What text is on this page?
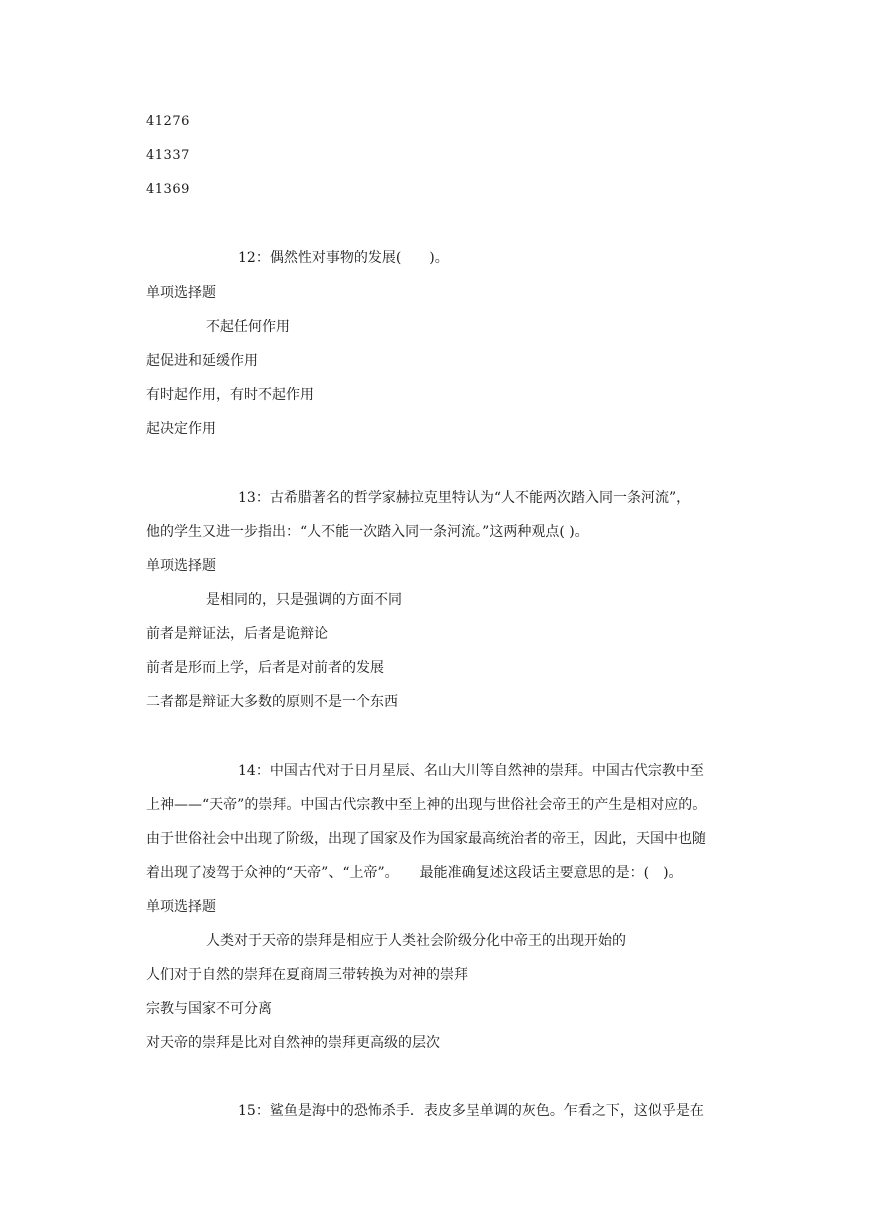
41276
41337
41369
12：偶然性对事物的发展(　　)。
单项选择题
不起任何作用
起促进和延缓作用
有时起作用，有时不起作用
起决定作用
13：古希腊著名的哲学家赫拉克里特认为“人不能两次踏入同一条河流”，
他的学生又进一步指出：“人不能一次踏入同一条河流。”这两种观点( )。
单项选择题
是相同的，只是强调的方面不同
前者是辩证法，后者是诡辩论
前者是形而上学，后者是对前者的发展
二者都是辩证大多数的原则不是一个东西
14：中国古代对于日月星辰、名山大川等自然神的崇拜。中国古代宗教中至
上神——“天帝”的崇拜。中国古代宗教中至上神的出现与世俗社会帝王的产生是相对应的。
由于世俗社会中出现了阶级，出现了国家及作为国家最高统治者的帝王，因此，天国中也随
着出现了凌驾于众神的“天帝”、“上帝”。　　最能准确复述这段话主要意思的是：(　)。
单项选择题
人类对于天帝的崇拜是相应于人类社会阶级分化中帝王的出现开始的
人们对于自然的崇拜在夏商周三带转换为对神的崇拜
宗教与国家不可分离
对天帝的崇拜是比对自然神的崇拜更高级的层次
15：鲨鱼是海中的恐怖杀手．表皮多呈单调的灰色。乍看之下，这似乎是在
